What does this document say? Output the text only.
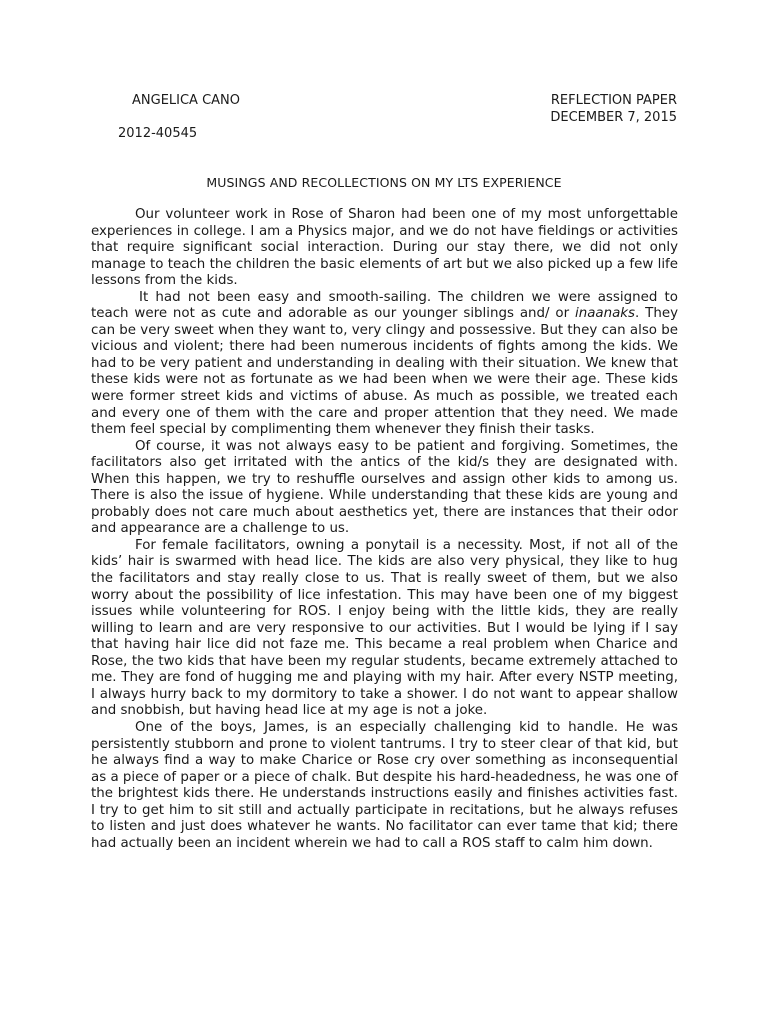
ANGELICA CANO
2012-40545
REFLECTION PAPER
DECEMBER 7, 2015
MUSINGS AND RECOLLECTIONS ON MY LTS EXPERIENCE

Our volunteer work in Rose of Sharon had been one of my most unforgettable experiences in college. I am a Physics major, and we do not have fieldings or activities that require significant social interaction. During our stay there, we did not only manage to teach the children the basic elements of art but we also picked up a few life lessons from the kids.

It had not been easy and smooth-sailing. The children we were assigned to teach were not as cute and adorable as our younger siblings and/ or inaanaks. They can be very sweet when they want to, very clingy and possessive. But they can also be vicious and violent; there had been numerous incidents of fights among the kids. We had to be very patient and understanding in dealing with their situation. We knew that these kids were not as fortunate as we had been when we were their age. These kids were former street kids and victims of abuse. As much as possible, we treated each and every one of them with the care and proper attention that they need. We made them feel special by complimenting them whenever they finish their tasks.

Of course, it was not always easy to be patient and forgiving. Sometimes, the facilitators also get irritated with the antics of the kid/s they are designated with. When this happen, we try to reshuffle ourselves and assign other kids to among us. There is also the issue of hygiene. While understanding that these kids are young and probably does not care much about aesthetics yet, there are instances that their odor and appearance are a challenge to us.

For female facilitators, owning a ponytail is a necessity. Most, if not all of the kids’ hair is swarmed with head lice. The kids are also very physical, they like to hug the facilitators and stay really close to us. That is really sweet of them, but we also worry about the possibility of lice infestation. This may have been one of my biggest issues while volunteering for ROS. I enjoy being with the little kids, they are really willing to learn and are very responsive to our activities. But I would be lying if I say that having hair lice did not faze me. This became a real problem when Charice and Rose, the two kids that have been my regular students, became extremely attached to me. They are fond of hugging me and playing with my hair. After every NSTP meeting, I always hurry back to my dormitory to take a shower. I do not want to appear shallow and snobbish, but having head lice at my age is not a joke.

One of the boys, James, is an especially challenging kid to handle. He was persistently stubborn and prone to violent tantrums. I try to steer clear of that kid, but he always find a way to make Charice or Rose cry over something as inconsequential as a piece of paper or a piece of chalk. But despite his hard-headedness, he was one of the brightest kids there. He understands instructions easily and finishes activities fast. I try to get him to sit still and actually participate in recitations, but he always refuses to listen and just does whatever he wants. No facilitator can ever tame that kid; there had actually been an incident wherein we had to call a ROS staff to calm him down.
